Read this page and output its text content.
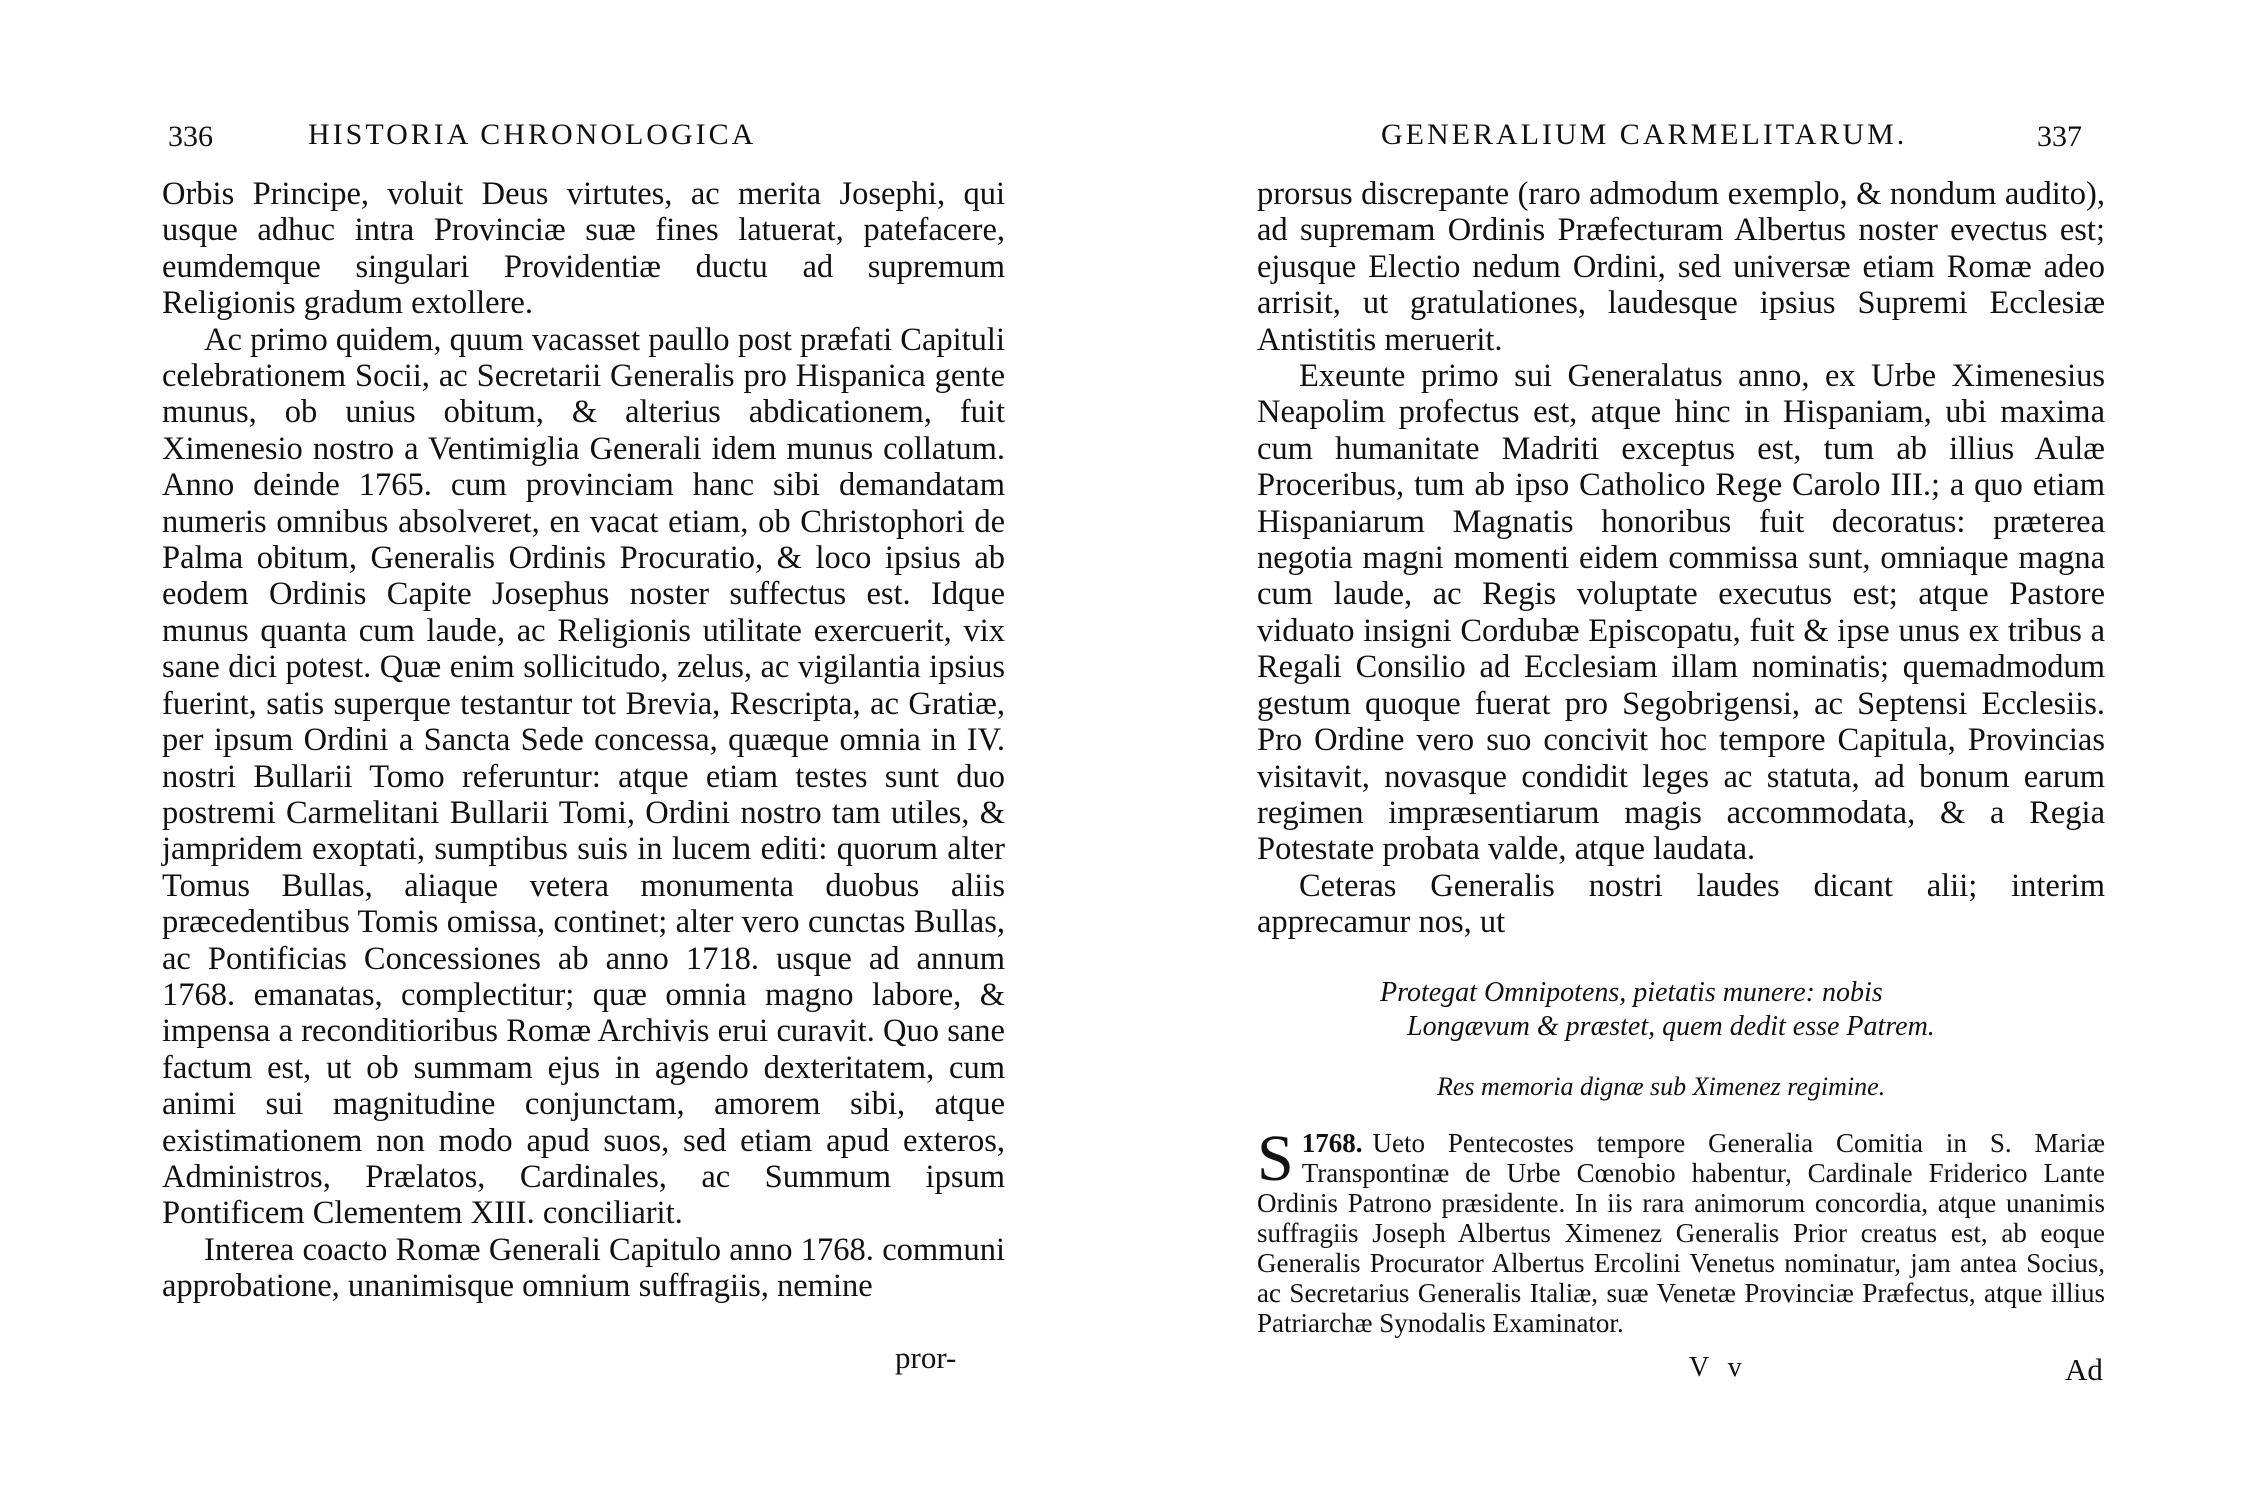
336	HISTORIA CHRONOLOGICA

Orbis Principe, voluit Deus virtutes, ac merita Josephi, qui usque adhuc intra Provinciæ suæ fines latuerat, patefacere, eumdemque singulari Providentiæ ductu ad supremum Religionis gradum extollere.

Ac primo quidem, quum vacasset paullo post præfati Capituli celebrationem Socii, ac Secretarii Generalis pro Hispanica gente munus, ob unius obitum, & alterius abdicationem, fuit Ximenesio nostro a Ventimiglia Generali idem munus collatum. Anno deinde 1765. cum provinciam hanc sibi demandatam numeris omnibus absolveret, en vacat etiam, ob Christophori de Palma obitum, Generalis Ordinis Procuratio, & loco ipsius ab eodem Ordinis Capite Josephus noster suffectus est. Idque munus quanta cum laude, ac Religionis utilitate exercuerit, vix sane dici potest. Quæ enim sollicitudo, zelus, ac vigilantia ipsius fuerint, satis superque testantur tot Brevia, Rescripta, ac Gratiæ, per ipsum Ordini a Sancta Sede concessa, quæque omnia in IV. nostri Bullarii Tomo referuntur: atque etiam testes sunt duo postremi Carmelitani Bullarii Tomi, Ordini nostro tam utiles, & jampridem exoptati, sumptibus suis in lucem editi: quorum alter Tomus Bullas, aliaque vetera monumenta duobus aliis præcedentibus Tomis omissa, continet; alter vero cunctas Bullas, ac Pontificias Concessiones ab anno 1718. usque ad annum 1768. emanatas, complectitur; quæ omnia magno labore, & impensa a reconditioribus Romæ Archivis erui curavit. Quo sane factum est, ut ob summam ejus in agendo dexteritatem, cum animi sui magnitudine conjunctam, amorem sibi, atque existimationem non modo apud suos, sed etiam apud exteros, Administros, Prælatos, Cardinales, ac Summum ipsum Pontificem Clementem XIII. conciliarit.

Interea coacto Romæ Generali Capitulo anno 1768. communi approbatione, unanimisque omnium suffragiis, nemine

pror-
GENERALIUM CARMELITARUM.	337

prorsus discrepante (raro admodum exemplo, & nondum audito), ad supremam Ordinis Præfecturam Albertus noster evectus est; ejusque Electio nedum Ordini, sed universæ etiam Romæ adeo arrisit, ut gratulationes, laudesque ipsius Supremi Ecclesiæ Antistitis meruerit.

Exeunte primo sui Generalatus anno, ex Urbe Ximenesius Neapolim profectus est, atque hinc in Hispaniam, ubi maxima cum humanitate Madriti exceptus est, tum ab illius Aulæ Proceribus, tum ab ipso Catholico Rege Carolo III.; a quo etiam Hispaniarum Magnatis honoribus fuit decoratus: præterea negotia magni momenti eidem commissa sunt, omniaque magna cum laude, ac Regis voluptate executus est; atque Pastore viduato insigni Cordubæ Episcopatu, fuit & ipse unus ex tribus a Regali Consilio ad Ecclesiam illam nominatis; quemadmodum gestum quoque fuerat pro Segobrigensi, ac Septensi Ecclesiis. Pro Ordine vero suo concivit hoc tempore Capitula, Provincias visitavit, novasque condidit leges ac statuta, ad bonum earum regimen impræsentiarum magis accommodata, & a Regia Potestate probata valde, atque laudata.

Ceteras Generalis nostri laudes dicant alii; interim apprecamur nos, ut

Protegat Omnipotens, pietatis munere: nobis
Longævum & præstet, quem dedit esse Patrem.
Res memoria dignæ sub Ximenez regimine.

1768.
S	Ueto Pentecostes tempore Generalia Comitia in S. Mariæ Transpontinæ de Urbe Cœnobio habentur, Cardinale Friderico Lante Ordinis Patrono præsidente. In iis rara animorum concordia, atque unanimis suffragiis Joseph Albertus Ximenez Generalis Prior creatus est, ab eoque Generalis Procurator Albertus Ercolini Venetus nominatur, jam antea Socius, ac Secretarius Generalis Italiæ, suæ Venetæ Provinciæ Præfectus, atque illius Patriarchæ Synodalis Examinator.

V v	Ad
